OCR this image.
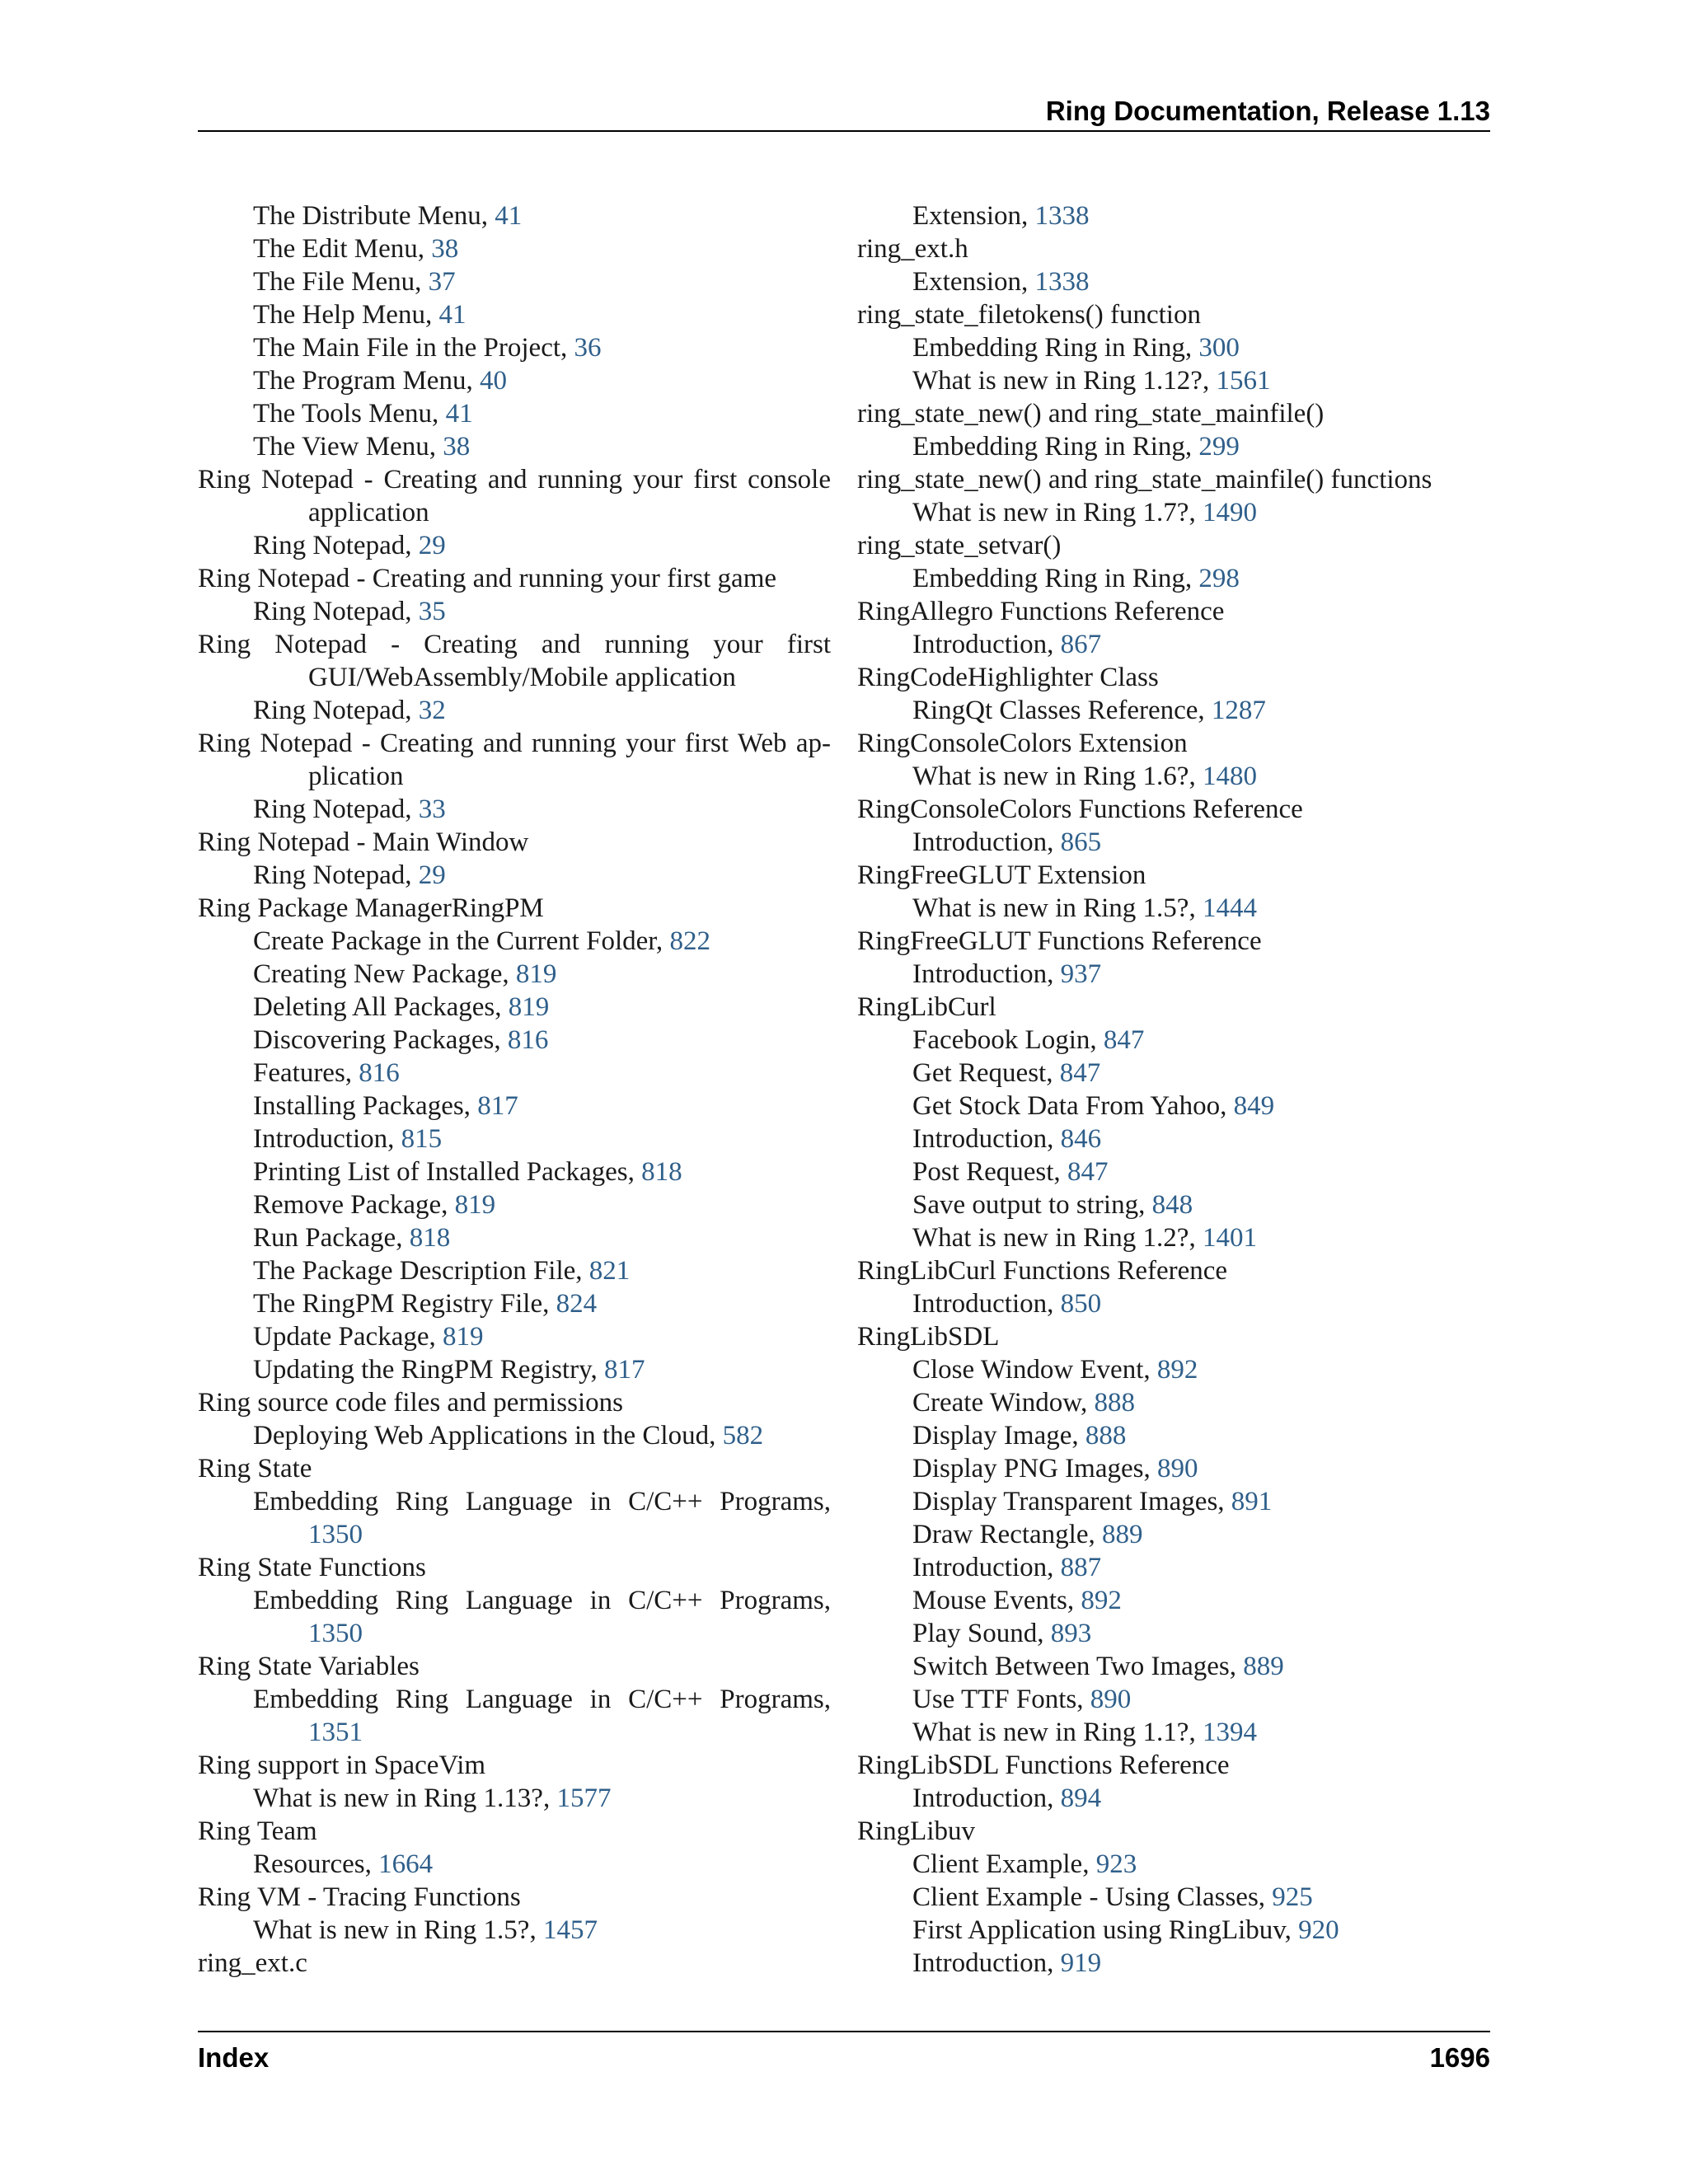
Ring Documentation, Release 1.13
The Distribute Menu, 41
The Edit Menu, 38
The File Menu, 37
The Help Menu, 41
The Main File in the Project, 36
The Program Menu, 40
The Tools Menu, 41
The View Menu, 38
Ring Notepad - Creating and running your first console
application
Ring Notepad, 29
Ring Notepad - Creating and running your first game
Ring Notepad, 35
Ring Notepad - Creating and running your first
GUI/WebAssembly/Mobile application
Ring Notepad, 32
Ring Notepad - Creating and running your first Web ap-
plication
Ring Notepad, 33
Ring Notepad - Main Window
Ring Notepad, 29
Ring Package ManagerRingPM
Create Package in the Current Folder, 822
Creating New Package, 819
Deleting All Packages, 819
Discovering Packages, 816
Features, 816
Installing Packages, 817
Introduction, 815
Printing List of Installed Packages, 818
Remove Package, 819
Run Package, 818
The Package Description File, 821
The RingPM Registry File, 824
Update Package, 819
Updating the RingPM Registry, 817
Ring source code files and permissions
Deploying Web Applications in the Cloud, 582
Ring State
Embedding Ring Language in C/C++ Programs,
1350
Ring State Functions
Embedding Ring Language in C/C++ Programs,
1350
Ring State Variables
Embedding Ring Language in C/C++ Programs,
1351
Ring support in SpaceVim
What is new in Ring 1.13?, 1577
Ring Team
Resources, 1664
Ring VM - Tracing Functions
What is new in Ring 1.5?, 1457
ring_ext.c
Extension, 1338
ring_ext.h
Extension, 1338
ring_state_filetokens() function
Embedding Ring in Ring, 300
What is new in Ring 1.12?, 1561
ring_state_new() and ring_state_mainfile()
Embedding Ring in Ring, 299
ring_state_new() and ring_state_mainfile() functions
What is new in Ring 1.7?, 1490
ring_state_setvar()
Embedding Ring in Ring, 298
RingAllegro Functions Reference
Introduction, 867
RingCodeHighlighter Class
RingQt Classes Reference, 1287
RingConsoleColors Extension
What is new in Ring 1.6?, 1480
RingConsoleColors Functions Reference
Introduction, 865
RingFreeGLUT Extension
What is new in Ring 1.5?, 1444
RingFreeGLUT Functions Reference
Introduction, 937
RingLibCurl
Facebook Login, 847
Get Request, 847
Get Stock Data From Yahoo, 849
Introduction, 846
Post Request, 847
Save output to string, 848
What is new in Ring 1.2?, 1401
RingLibCurl Functions Reference
Introduction, 850
RingLibSDL
Close Window Event, 892
Create Window, 888
Display Image, 888
Display PNG Images, 890
Display Transparent Images, 891
Draw Rectangle, 889
Introduction, 887
Mouse Events, 892
Play Sound, 893
Switch Between Two Images, 889
Use TTF Fonts, 890
What is new in Ring 1.1?, 1394
RingLibSDL Functions Reference
Introduction, 894
RingLibuv
Client Example, 923
Client Example - Using Classes, 925
First Application using RingLibuv, 920
Introduction, 919
Index	1696
